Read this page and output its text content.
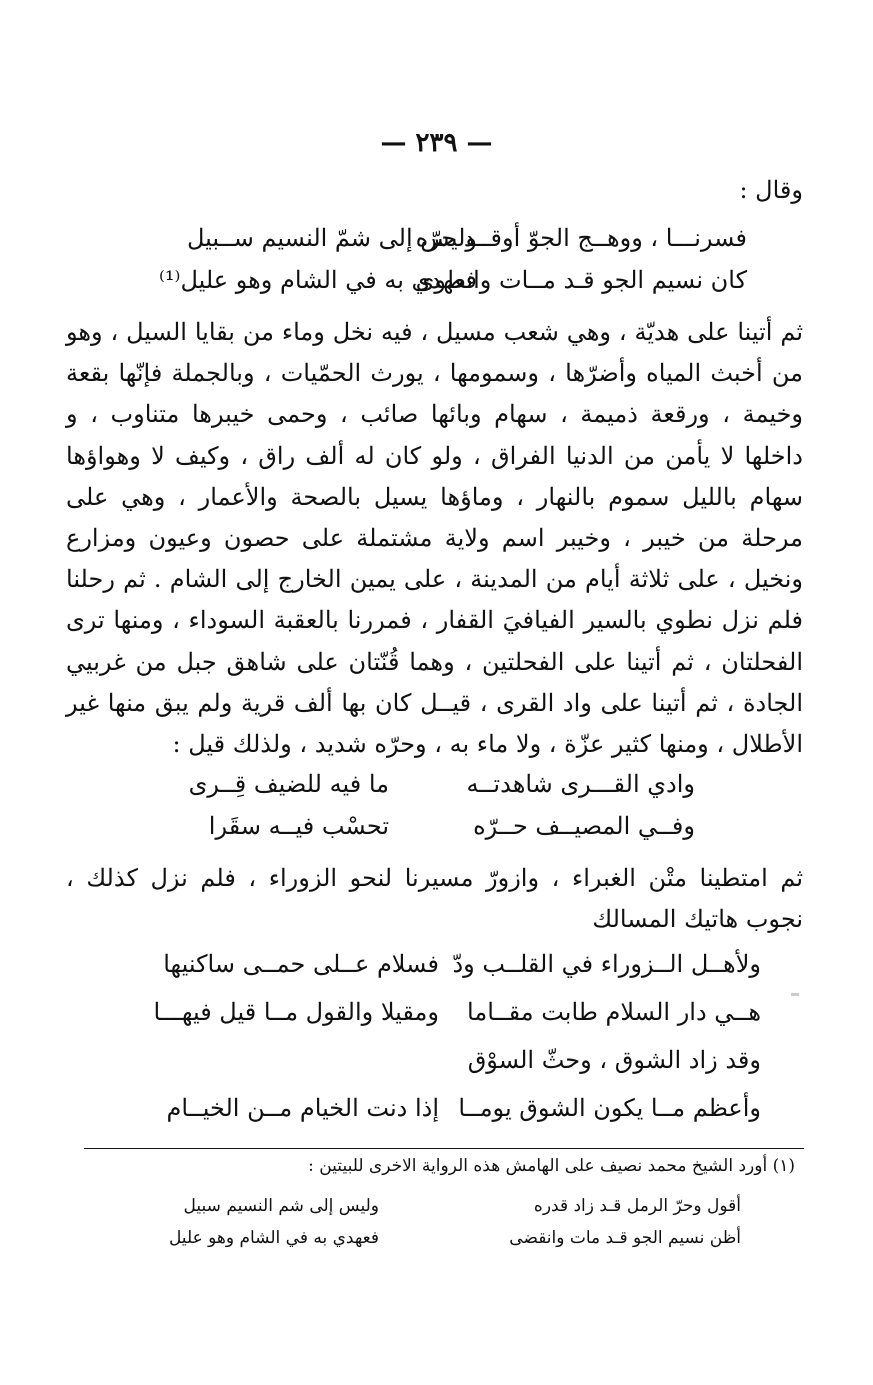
— ٢٣٩ —
وقال :
فسرنـــا ، ووهــج الجوّ أوقــد حرّه
وليس إلى شمّ النسيم ســبيل
كان نسيم الجو قـد مــات وانطوى
فعهدي به في الشام وهو عليل⁽¹⁾

ثم أتينا على هديّة ، وهي شعب مسيل ، فيه نخل وماء من بقايا السيل ، وهو من أخبث المياه وأضرّها ، وسمومها ، يورث الحمّيات ، وبالجملة فإنّها بقعة وخيمة ، ورقعة ذميمة ، سهام وبائها صائب ، وحمى خيبرها متناوب ، و داخلها لا يأمن من الدنيا الفراق ، ولو كان له ألف راق ، وكيف لا وهواؤها سهام بالليل سموم بالنهار ، وماؤها يسيل بالصحة والأعمار ، وهي على مرحلة من خيبر ، وخيبر اسم ولاية مشتملة على حصون وعيون ومزارع ونخيل ، على ثلاثة أيام من المدينة ، على يمين الخارج إلى الشام . ثم رحلنا فلم نزل نطوي بالسير الفيافيَ القفار ، فمررنا بالعقبة السوداء ، ومنها ترى الفحلتان ، ثم أتينا على الفحلتين ، وهما قُنّتان على شاهق جبل من غربيي الجادة ، ثم أتينا على واد القرى ، قيــل كان بها ألف قرية ولم يبق منها غير الأطلال ، ومنها كثير عزّة ، ولا ماء به ، وحرّه شديد ، ولذلك قيل :

وادي القـــرى شاهدتــه
ما فيه للضيف قِــرى
وفــي المصيــف حــرّه
تحسْب فيــه سقَرا

ثم امتطينا متْن الغبراء ، وازورّ مسيرنا لنحو الزوراء ، فلم نزل كذلك ، نجوب هاتيك المسالك

ولأهــل الــزوراء في القلــب ودّ
فسلام عــلى حمــى ساكنيها
هــي دار السلام طابت مقــاما
ومقيلا والقول مــا قيل فيهـــا
وقد زاد الشوق ، وحثّ السوْق
وأعظم مــا يكون الشوق يومــا
إذا دنت الخيام مــن الخيــام
(١) أورد الشيخ محمد نصيف على الهامش هذه الرواية الاخرى للبيتين :
أقول وحرّ الرمل قـد زاد قدره
وليس إلى شم النسيم سبيل
أظن نسيم الجو قـد مات وانقضى
فعهدي به في الشام وهو عليل
